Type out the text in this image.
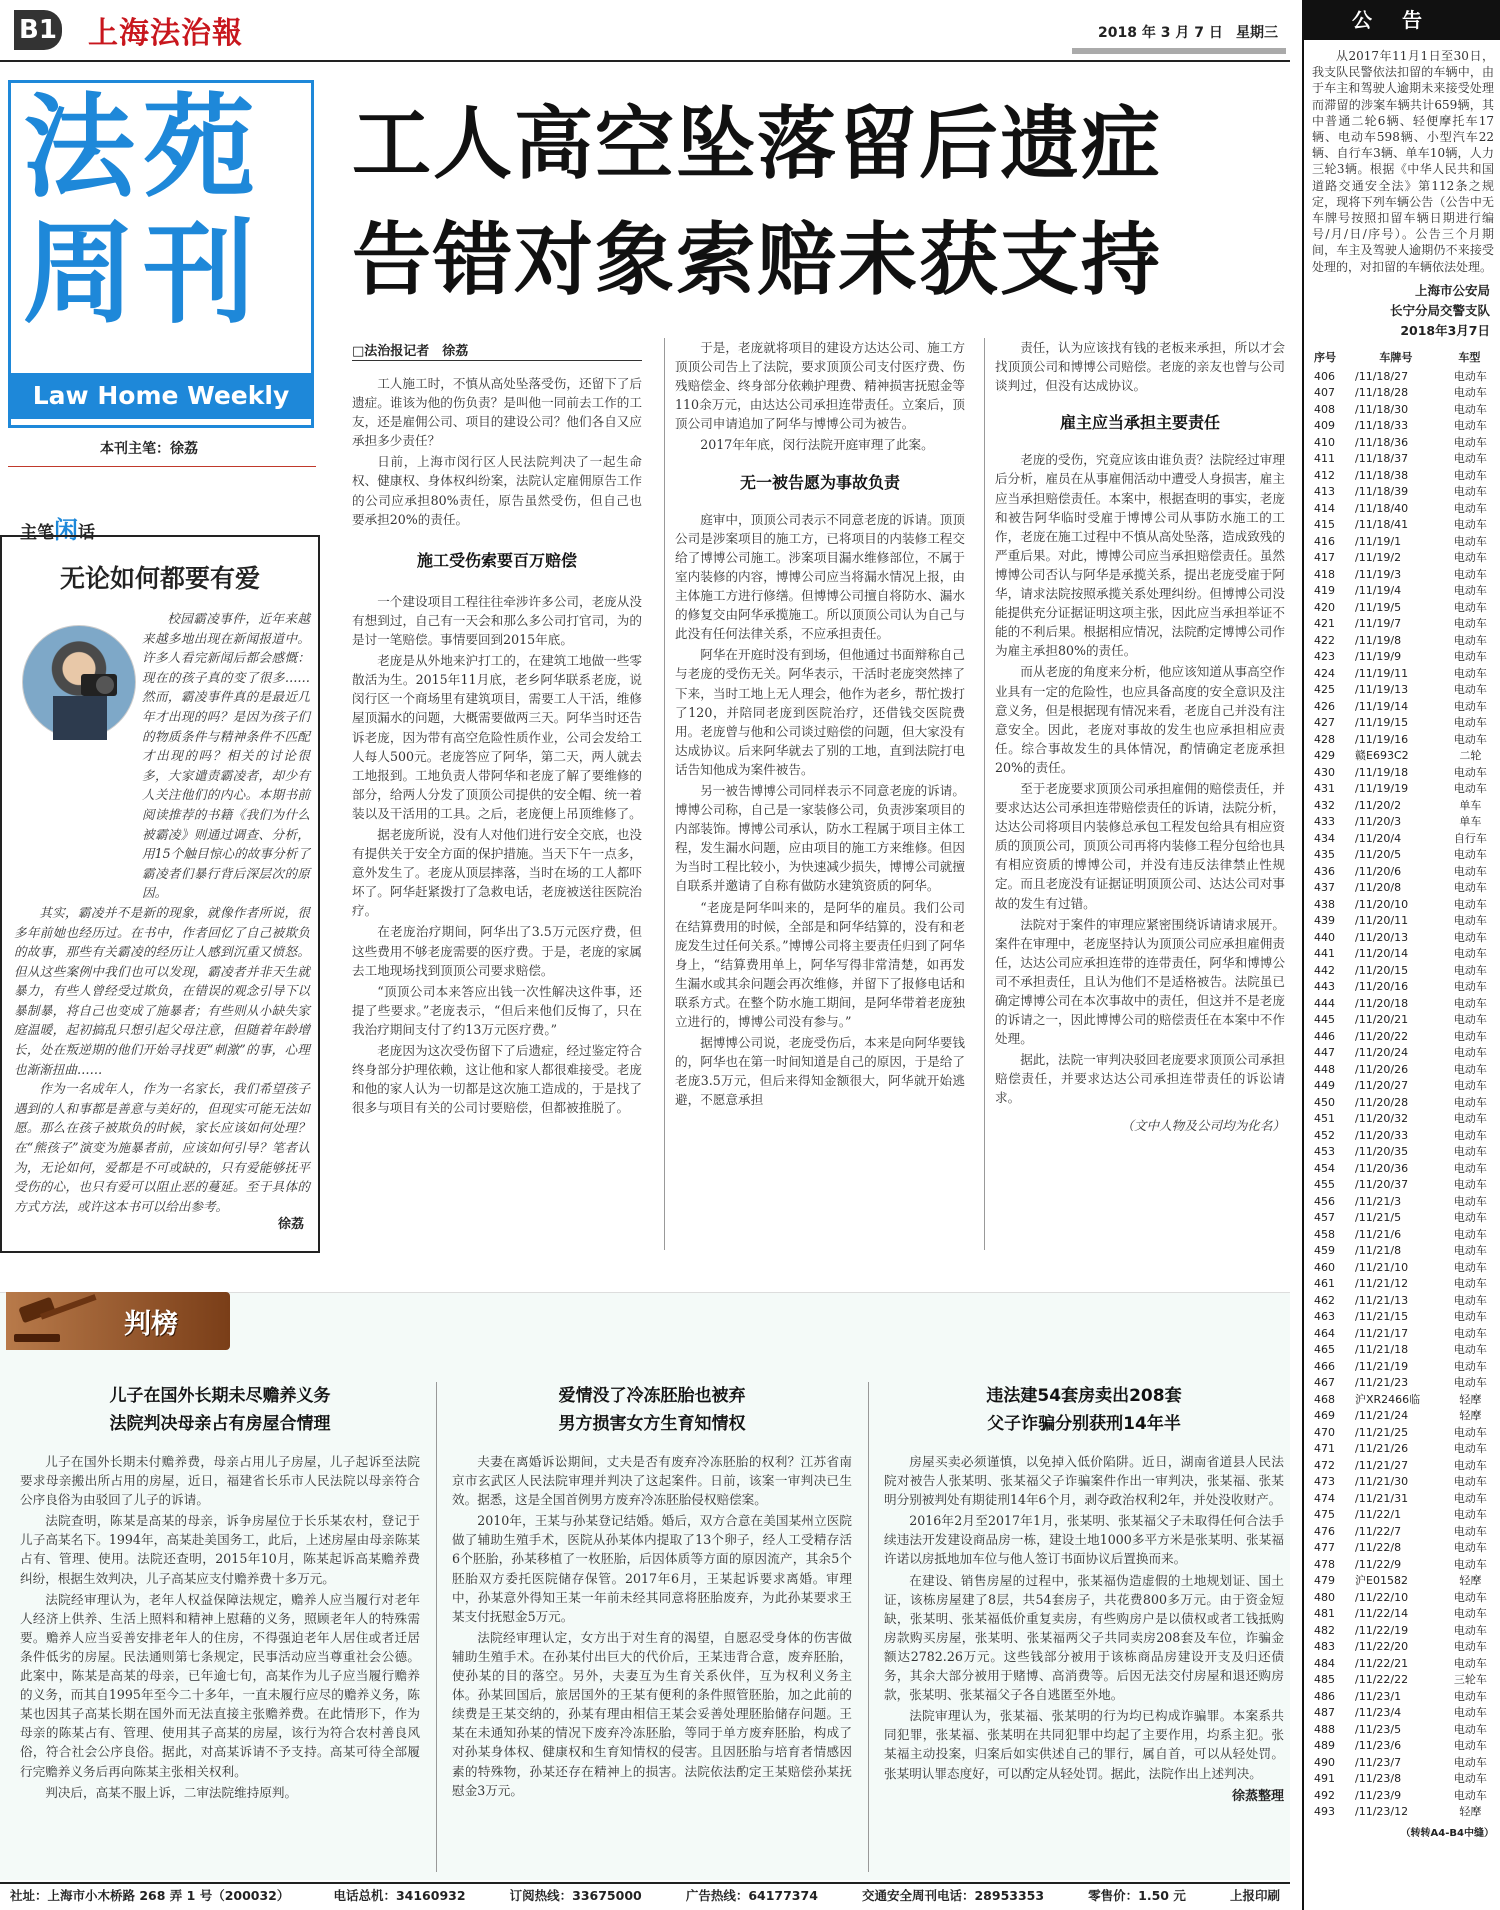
B1 上海法治報	2018 年 3 月 7 日 星期三
法苑
周刊
Law Home Weekly
本刊主笔：徐荔
主笔闲话
无论如何都要有爱

校园霸凌事件，近年来越来越多地出现在新闻报道中。许多人看完新闻后都会感慨：现在的孩子真的变了很多……然而，霸凌事件真的是最近几年才出现的吗？是因为孩子们的物质条件与精神条件不匹配才出现的吗？相关的讨论很多，大家谴责霸凌者，却少有人关注他们的内心。本期书前阅读推荐的书籍《我们为什么被霸凌》则通过调查、分析，用15个触目惊心的故事分析了霸凌者们暴行背后深层次的原因。

其实，霸凌并不是新的现象，就像作者所说，很多年前她也经历过。在书中，作者回忆了自己被欺负的故事，那些有关霸凌的经历让人感到沉重又愤怒。但从这些案例中我们也可以发现，霸凌者并非天生就暴力，有些人曾经受过欺负，在错误的观念引导下以暴制暴，将自己也变成了施暴者；有些则从小缺失家庭温暖，起初搞乱只想引起父母注意，但随着年龄增长，处在叛逆期的他们开始寻找更“刺激”的事，心理也渐渐扭曲……

作为一名成年人，作为一名家长，我们希望孩子遇到的人和事都是善意与美好的，但现实可能无法如愿。那么在孩子被欺负的时候，家长应该如何处理？在“熊孩子”演变为施暴者前，应该如何引导？笔者认为，无论如何，爱都是不可或缺的，只有爱能够抚平受伤的心，也只有爱可以阻止恶的蔓延。至于具体的方式方法，或许这本书可以给出参考。

徐荔
工人高空坠落留后遗症
告错对象索赔未获支持
□法治报记者　徐荔

工人施工时，不慎从高处坠落受伤，还留下了后遗症。谁该为他的伤负责？是叫他一同前去工作的工友，还是雇佣公司、项目的建设公司？他们各自又应承担多少责任？

日前，上海市闵行区人民法院判决了一起生命权、健康权、身体权纠纷案，法院认定雇佣原告工作的公司应承担80%责任，原告虽然受伤，但自己也要承担20%的责任。

施工受伤索要百万赔偿

一个建设项目工程往往牵涉许多公司，老庞从没有想到过，自己有一天会和那么多公司打官司，为的是讨一笔赔偿。事情要回到2015年底。

老庞是从外地来沪打工的，在建筑工地做一些零散活为生。2015年11月底，老乡阿华联系老庞，说闵行区一个商场里有建筑项目，需要工人干活，维修屋顶漏水的问题，大概需要做两三天。阿华当时还告诉老庞，因为带有高空危险性质作业，公司会发给工人每人500元。老庞答应了阿华，第二天，两人就去工地报到。工地负责人带阿华和老庞了解了要维修的部分，给两人分发了顶顶公司提供的安全帽、统一着装以及干活用的工具。之后，老庞便上吊顶维修了。

据老庞所说，没有人对他们进行安全交底，也没有提供关于安全方面的保护措施。当天下午一点多，意外发生了。老庞从顶层摔落，当时在场的工人都吓坏了。阿华赶紧拨打了急救电话，老庞被送往医院治疗。

在老庞治疗期间，阿华出了3.5万元医疗费，但这些费用不够老庞需要的医疗费。于是，老庞的家属去工地现场找到顶顶公司要求赔偿。

“顶顶公司本来答应出钱一次性解决这件事，还提了些要求。”老庞表示，“但后来他们反悔了，只在我治疗期间支付了约13万元医疗费。”

老庞因为这次受伤留下了后遗症，经过鉴定符合终身部分护理依赖，这让他和家人都很难接受。老庞和他的家人认为一切都是这次施工造成的，于是找了很多与项目有关的公司讨要赔偿，但都被推脱了。

于是，老庞就将项目的建设方达达公司、施工方顶顶公司告上了法院，要求顶顶公司支付医疗费、伤残赔偿金、终身部分依赖护理费、精神损害抚慰金等110余万元，由达达公司承担连带责任。立案后，顶顶公司申请追加了阿华与博博公司为被告。

2017年年底，闵行法院开庭审理了此案。

无一被告愿为事故负责

庭审中，顶顶公司表示不同意老庞的诉请。顶顶公司是涉案项目的施工方，已将项目的内装修工程交给了博博公司施工。涉案项目漏水维修部位，不属于室内装修的内容，博博公司应当将漏水情况上报，由主体施工方进行修缮。但博博公司擅自将防水、漏水的修复交由阿华承揽施工。所以顶顶公司认为自己与此没有任何法律关系，不应承担责任。

阿华在开庭时没有到场，但他通过书面辩称自己与老庞的受伤无关。阿华表示，干活时老庞突然摔了下来，当时工地上无人理会，他作为老乡，帮忙拨打了120，并陪同老庞到医院治疗，还借钱交医院费用。老庞曾与他和公司谈过赔偿的问题，但大家没有达成协议。后来阿华就去了别的工地，直到法院打电话告知他成为案件被告。

另一被告博博公司同样表示不同意老庞的诉请。博博公司称，自己是一家装修公司，负责涉案项目的内部装饰。博博公司承认，防水工程属于项目主体工程，发生漏水问题，应由项目的施工方来维修。但因为当时工程比较小，为快速减少损失，博博公司就擅自联系并邀请了自称有做防水建筑资质的阿华。

“老庞是阿华叫来的，是阿华的雇员。我们公司在结算费用的时候，全部是和阿华结算的，没有和老庞发生过任何关系。”博博公司将主要责任归到了阿华身上，“结算费用单上，阿华写得非常清楚，如再发生漏水或其余问题会再次维修，并留下了报修电话和联系方式。在整个防水施工期间，是阿华带着老庞独立进行的，博博公司没有参与。”

据博博公司说，老庞受伤后，本来是向阿华要钱的，阿华也在第一时间知道是自己的原因，于是给了老庞3.5万元，但后来得知金额很大，阿华就开始逃避，不愿意承担

责任，认为应该找有钱的老板来承担，所以才会找顶顶公司和博博公司赔偿。老庞的亲友也曾与公司谈判过，但没有达成协议。

雇主应当承担主要责任

老庞的受伤，究竟应该由谁负责？法院经过审理后分析，雇员在从事雇佣活动中遭受人身损害，雇主应当承担赔偿责任。本案中，根据查明的事实，老庞和被告阿华临时受雇于博博公司从事防水施工的工作，老庞在施工过程中不慎从高处坠落，造成致残的严重后果。对此，博博公司应当承担赔偿责任。虽然博博公司否认与阿华是承揽关系，提出老庞受雇于阿华，请求法院按照承揽关系处理纠纷。但博博公司没能提供充分证据证明这项主张，因此应当承担举证不能的不利后果。根据相应情况，法院酌定博博公司作为雇主承担80%的责任。

而从老庞的角度来分析，他应该知道从事高空作业具有一定的危险性，也应具备高度的安全意识及注意义务，但是根据现有情况来看，老庞自己并没有注意安全。因此，老庞对事故的发生也应承担相应责任。综合事故发生的具体情况，酌情确定老庞承担20%的责任。

至于老庞要求顶顶公司承担雇佣的赔偿责任，并要求达达公司承担连带赔偿责任的诉请，法院分析，达达公司将项目内装修总承包工程发包给具有相应资质的顶顶公司，顶顶公司再将内装修工程分包给也具有相应资质的博博公司，并没有违反法律禁止性规定。而且老庞没有证据证明顶顶公司、达达公司对事故的发生有过错。

法院对于案件的审理应紧密围绕诉请请求展开。案件在审理中，老庞坚持认为顶顶公司应承担雇佣责任，达达公司应承担连带的连带责任，阿华和博博公司不承担责任，且认为他们不是适格被告。法院虽已确定博博公司在本次事故中的责任，但这并不是老庞的诉请之一，因此博博公司的赔偿责任在本案中不作处理。

据此，法院一审判决驳回老庞要求顶顶公司承担赔偿责任，并要求达达公司承担连带责任的诉讼请求。

（文中人物及公司均为化名）
判榜
儿子在国外长期未尽赡养义务
法院判决母亲占有房屋合情理

儿子在国外长期未付赡养费，母亲占用儿子房屋，儿子起诉至法院要求母亲搬出所占用的房屋，近日，福建省长乐市人民法院以母亲符合公序良俗为由驳回了儿子的诉请。

法院查明，陈某是高某的母亲，诉争房屋位于长乐某农村，登记于儿子高某名下。1994年，高某赴美国务工，此后，上述房屋由母亲陈某占有、管理、使用。法院还查明，2015年10月，陈某起诉高某赡养费纠纷，根据生效判决，儿子高某应支付赡养费十多万元。

法院经审理认为，老年人权益保障法规定，赡养人应当履行对老年人经济上供养、生活上照料和精神上慰藉的义务，照顾老年人的特殊需要。赡养人应当妥善安排老年人的住房，不得强迫老年人居住或者迁居条件低劣的房屋。民法通则第七条规定，民事活动应当尊重社会公德。此案中，陈某是高某的母亲，已年逾七旬，高某作为儿子应当履行赡养的义务，而其自1995年至今二十多年，一直未履行应尽的赡养义务，陈某也因其子高某长期在国外而无法直接主张赡养费。在此情形下，作为母亲的陈某占有、管理、使用其子高某的房屋，该行为符合农村善良风俗，符合社会公序良俗。据此，对高某诉请不予支持。高某可待全部履行完赡养义务后再向陈某主张相关权利。

判决后，高某不服上诉，二审法院维持原判。

爱情没了冷冻胚胎也被弃
男方损害女方生育知情权

夫妻在离婚诉讼期间，丈夫是否有废弃冷冻胚胎的权利？江苏省南京市玄武区人民法院审理并判决了这起案件。日前，该案一审判决已生效。据悉，这是全国首例男方废弃冷冻胚胎侵权赔偿案。

2010年，王某与孙某登记结婚。婚后，双方合意在美国某州立医院做了辅助生殖手术，医院从孙某体内提取了13个卵子，经人工受精存活6个胚胎，孙某移植了一枚胚胎，后因体质等方面的原因流产，其余5个胚胎双方委托医院储存保管。2017年6月，王某起诉要求离婚。审理中，孙某意外得知王某一年前未经其同意将胚胎废弃，为此孙某要求王某支付抚慰金5万元。

法院经审理认定，女方出于对生育的渴望，自愿忍受身体的伤害做辅助生殖手术。在孙某付出巨大的代价后，王某违背合意，废弃胚胎，使孙某的目的落空。另外，夫妻互为生育关系伙伴，互为权利义务主体。孙某回国后，旅居国外的王某有便利的条件照管胚胎，加之此前的续费是王某交纳的，孙某有理由相信王某会妥善处理胚胎储存问题。王某在未通知孙某的情况下废弃冷冻胚胎，等同于单方废弃胚胎，构成了对孙某身体权、健康权和生育知情权的侵害。且因胚胎与培育者情感因素的特殊物，孙某还存在精神上的损害。法院依法酌定王某赔偿孙某抚慰金3万元。

违法建54套房卖出208套
父子诈骗分别获刑14年半

房屋买卖必须谨慎，以免掉入低价陷阱。近日，湖南省道县人民法院对被告人张某明、张某福父子诈骗案件作出一审判决，张某福、张某明分别被判处有期徒刑14年6个月，剥夺政治权利2年，并处没收财产。

2016年2月至2017年1月，张某明、张某福父子未取得任何合法手续违法开发建设商品房一栋，建设土地1000多平方米是张某明、张某福许诺以房抵地加车位与他人签订书面协议后置换而来。

在建设、销售房屋的过程中，张某福伪造虚假的土地规划证、国土证，该栋房屋建了8层，共54套房子，共花费800多万元。由于资金短缺，张某明、张某福低价重复卖房，有些购房户是以债权或者工钱抵购房款购买房屋，张某明、张某福两父子共同卖房208套及车位，诈骗金额达2782.26万元。这些钱部分被用于该栋商品房建设开支及归还债务，其余大部分被用于赌博、高消费等。后因无法交付房屋和退还购房款，张某明、张某福父子各自逃匿至外地。

法院审理认为，张某福、张某明的行为均已构成诈骗罪。本案系共同犯罪，张某福、张某明在共同犯罪中均起了主要作用，均系主犯。张某福主动投案，归案后如实供述自己的罪行，属自首，可以从轻处罚。张某明认罪态度好，可以酌定从轻处罚。据此，法院作出上述判决。

徐蒸整理
社址：上海市小木桥路 268 弄 1 号（200032）	电话总机：34160932	订阅热线：33675000	广告热线：64177374	交通安全周刊电话：28953353	零售价：1.50 元	上报印刷
公告
从2017年11月1日至30日，我支队民警依法扣留的车辆中，由于车主和驾驶人逾期未来接受处理而滞留的涉案车辆共计659辆，其中普通二轮6辆、轻便摩托车17辆、电动车598辆、小型汽车22辆、自行车3辆、单车10辆，人力三轮3辆。根据《中华人民共和国道路交通安全法》第112条之规定，现将下列车辆公告（公告中无车牌号按照扣留车辆日期进行编号/月/日/序号）。公告三个月期间，车主及驾驶人逾期仍不来接受处理的，对扣留的车辆依法处理。
上海市公安局
长宁分局交警支队
2018年3月7日
序号	车牌号	车型
406	/11/18/27	电动车
407	/11/18/28	电动车
408	/11/18/30	电动车
409	/11/18/33	电动车
410	/11/18/36	电动车
411	/11/18/37	电动车
412	/11/18/38	电动车
413	/11/18/39	电动车
414	/11/18/40	电动车
415	/11/18/41	电动车
416	/11/19/1	电动车
417	/11/19/2	电动车
418	/11/19/3	电动车
419	/11/19/4	电动车
420	/11/19/5	电动车
421	/11/19/7	电动车
422	/11/19/8	电动车
423	/11/19/9	电动车
424	/11/19/11	电动车
425	/11/19/13	电动车
426	/11/19/14	电动车
427	/11/19/15	电动车
428	/11/19/16	电动车
429	赣E693C2	二轮
430	/11/19/18	电动车
431	/11/19/19	电动车
432	/11/20/2	单车
433	/11/20/3	单车
434	/11/20/4	自行车
435	/11/20/5	电动车
436	/11/20/6	电动车
437	/11/20/8	电动车
438	/11/20/10	电动车
439	/11/20/11	电动车
440	/11/20/13	电动车
441	/11/20/14	电动车
442	/11/20/15	电动车
443	/11/20/16	电动车
444	/11/20/18	电动车
445	/11/20/21	电动车
446	/11/20/22	电动车
447	/11/20/24	电动车
448	/11/20/26	电动车
449	/11/20/27	电动车
450	/11/20/28	电动车
451	/11/20/32	电动车
452	/11/20/33	电动车
453	/11/20/35	电动车
454	/11/20/36	电动车
455	/11/20/37	电动车
456	/11/21/3	电动车
457	/11/21/5	电动车
458	/11/21/6	电动车
459	/11/21/8	电动车
460	/11/21/10	电动车
461	/11/21/12	电动车
462	/11/21/13	电动车
463	/11/21/15	电动车
464	/11/21/17	电动车
465	/11/21/18	电动车
466	/11/21/19	电动车
467	/11/21/23	电动车
468	沪XR2466临	轻摩
469	/11/21/24	轻摩
470	/11/21/25	电动车
471	/11/21/26	电动车
472	/11/21/27	电动车
473	/11/21/30	电动车
474	/11/21/31	电动车
475	/11/22/1	电动车
476	/11/22/7	电动车
477	/11/22/8	电动车
478	/11/22/9	电动车
479	沪E01582	轻摩
480	/11/22/10	电动车
481	/11/22/14	电动车
482	/11/22/19	电动车
483	/11/22/20	电动车
484	/11/22/21	电动车
485	/11/22/22	三轮车
486	/11/23/1	电动车
487	/11/23/4	电动车
488	/11/23/5	电动车
489	/11/23/6	电动车
490	/11/23/7	电动车
491	/11/23/8	电动车
492	/11/23/9	电动车
493	/11/23/12	轻摩
（转转A4-B4中缝）
